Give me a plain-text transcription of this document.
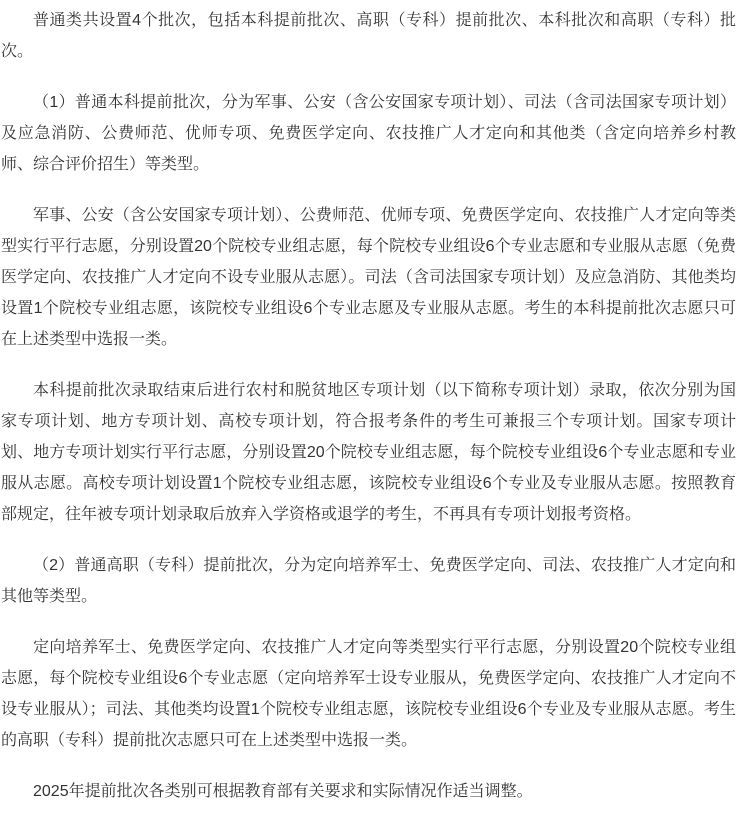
普通类共设置4个批次，包括本科提前批次、高职（专科）提前批次、本科批次和高职（专科）批次。

（1）普通本科提前批次，分为军事、公安（含公安国家专项计划）、司法（含司法国家专项计划）及应急消防、公费师范、优师专项、免费医学定向、农技推广人才定向和其他类（含定向培养乡村教师、综合评价招生）等类型。

军事、公安（含公安国家专项计划）、公费师范、优师专项、免费医学定向、农技推广人才定向等类型实行平行志愿，分别设置20个院校专业组志愿，每个院校专业组设6个专业志愿和专业服从志愿（免费医学定向、农技推广人才定向不设专业服从志愿）。司法（含司法国家专项计划）及应急消防、其他类均设置1个院校专业组志愿，该院校专业组设6个专业志愿及专业服从志愿。考生的本科提前批次志愿只可在上述类型中选报一类。

本科提前批次录取结束后进行农村和脱贫地区专项计划（以下简称专项计划）录取，依次分别为国家专项计划、地方专项计划、高校专项计划，符合报考条件的考生可兼报三个专项计划。国家专项计划、地方专项计划实行平行志愿，分别设置20个院校专业组志愿，每个院校专业组设6个专业志愿和专业服从志愿。高校专项计划设置1个院校专业组志愿，该院校专业组设6个专业及专业服从志愿。按照教育部规定，往年被专项计划录取后放弃入学资格或退学的考生，不再具有专项计划报考资格。

（2）普通高职（专科）提前批次，分为定向培养军士、免费医学定向、司法、农技推广人才定向和其他等类型。

定向培养军士、免费医学定向、农技推广人才定向等类型实行平行志愿，分别设置20个院校专业组志愿，每个院校专业组设6个专业志愿（定向培养军士设专业服从，免费医学定向、农技推广人才定向不设专业服从）；司法、其他类均设置1个院校专业组志愿，该院校专业组设6个专业及专业服从志愿。考生的高职（专科）提前批次志愿只可在上述类型中选报一类。

2025年提前批次各类别可根据教育部有关要求和实际情况作适当调整。
